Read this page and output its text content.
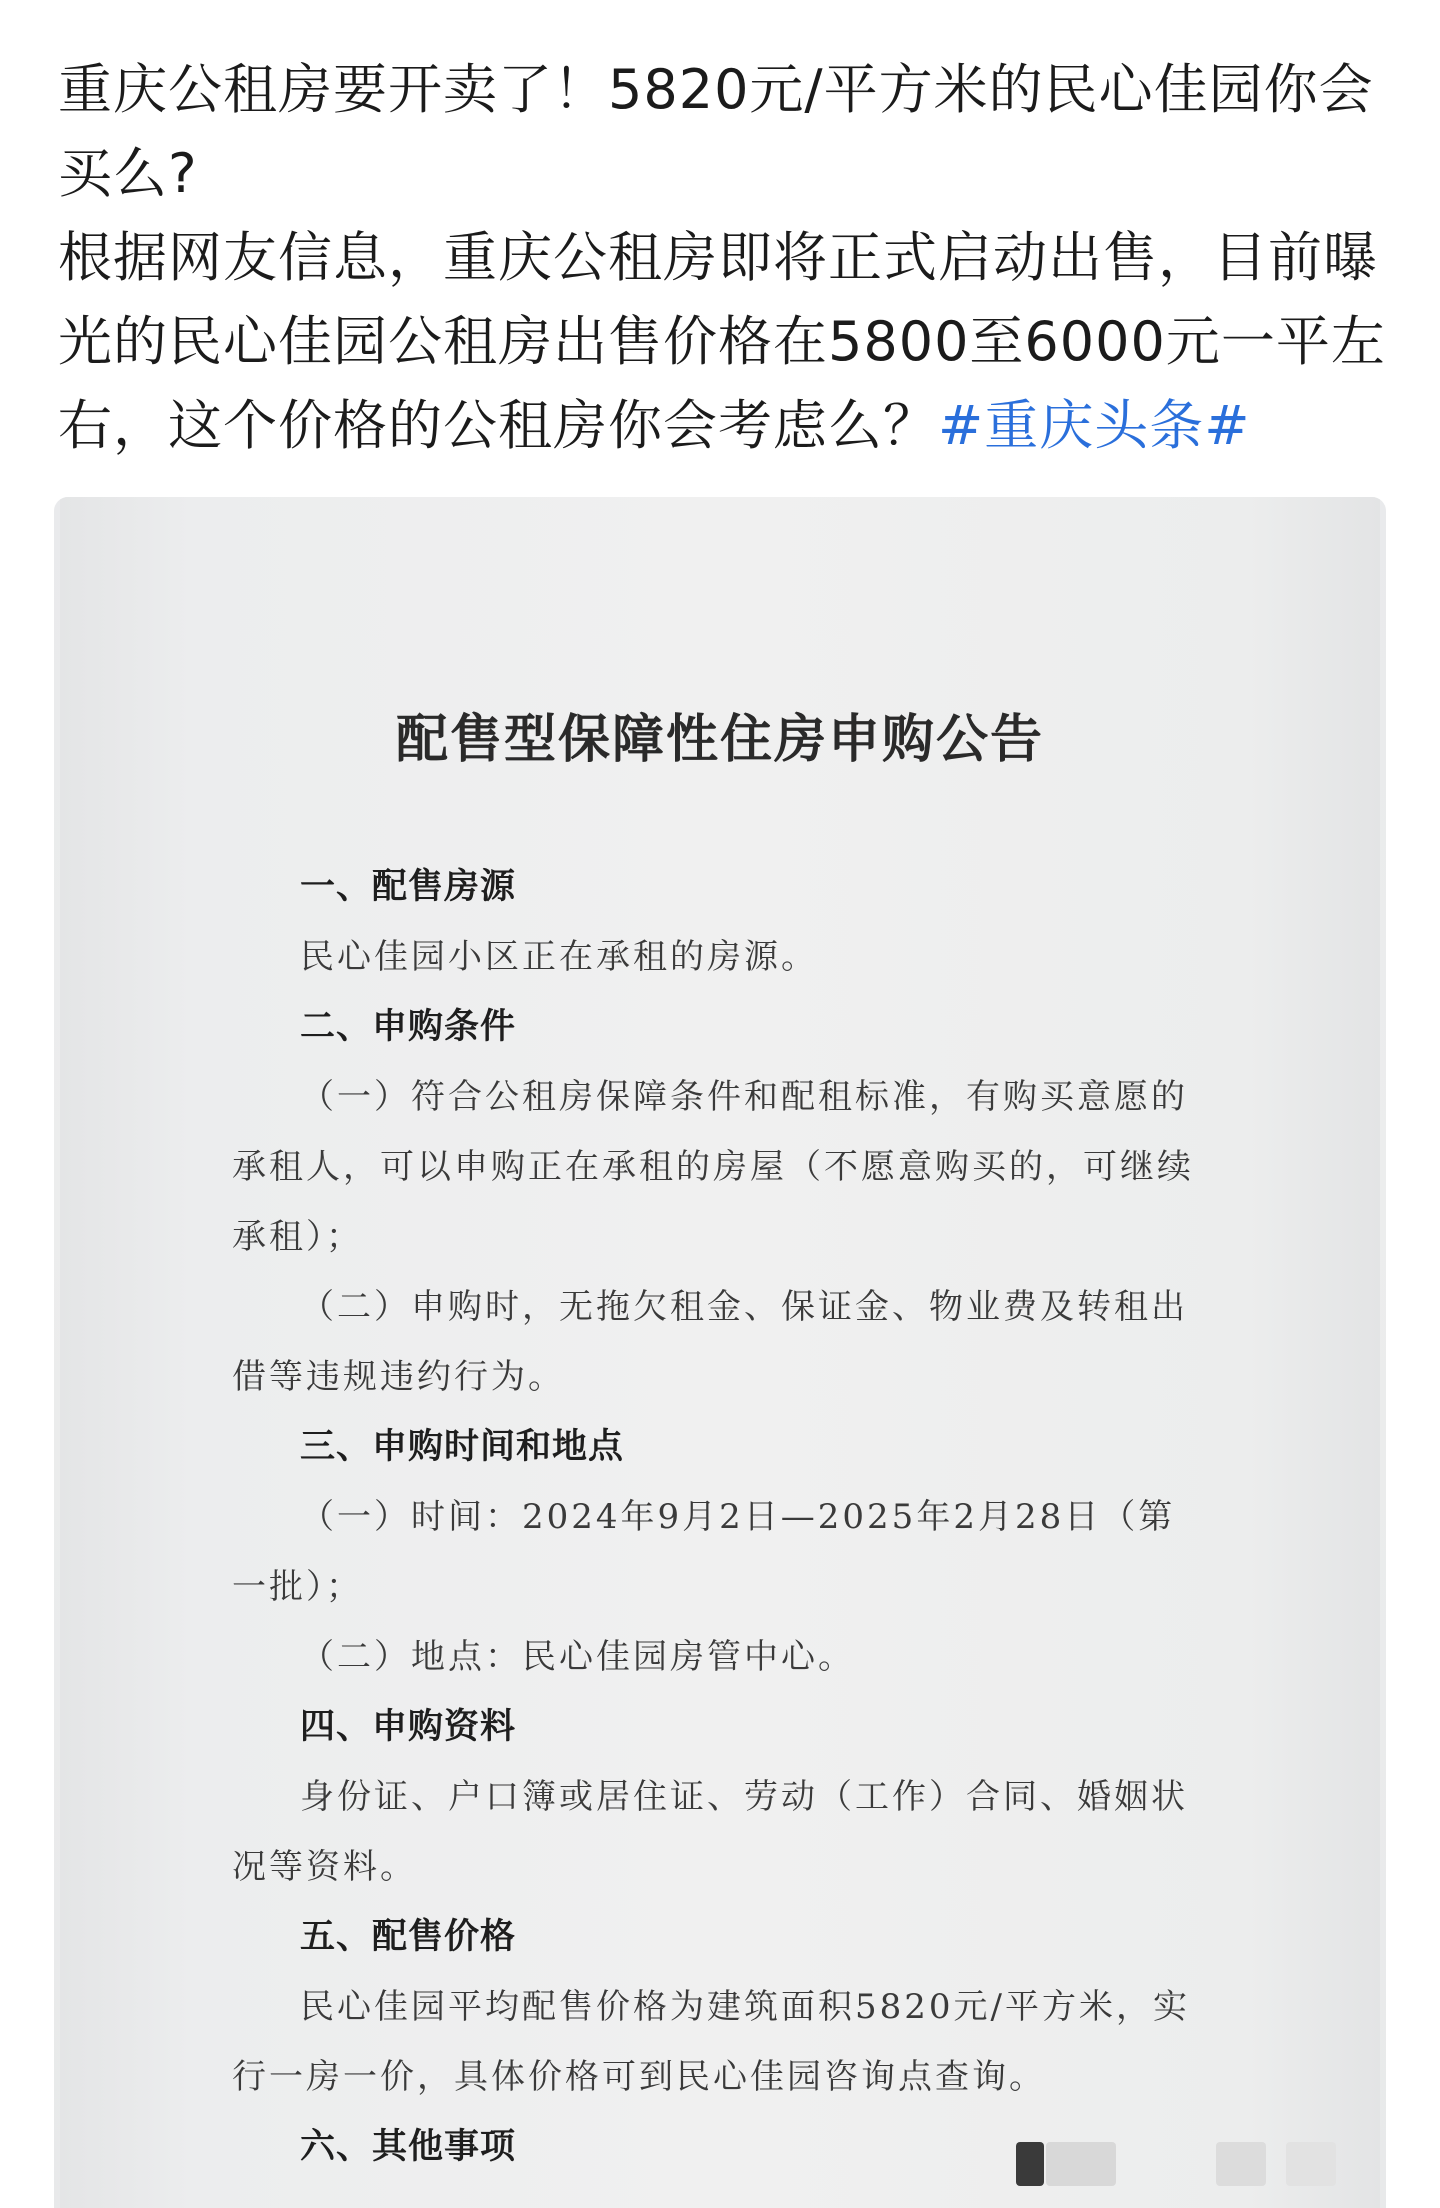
重庆公租房要开卖了！5820元/平方米的民心佳园你会买么?

根据网友信息，重庆公租房即将正式启动出售，目前曝光的民心佳园公租房出售价格在5800至6000元一平左右，这个价格的公租房你会考虑么？#重庆头条#

配售型保障性住房申购公告
一、配售房源
民心佳园小区正在承租的房源。
二、申购条件
（一）符合公租房保障条件和配租标准，有购买意愿的
承租人，可以申购正在承租的房屋（不愿意购买的，可继续
承租）；
（二）申购时，无拖欠租金、保证金、物业费及转租出
借等违规违约行为。
三、申购时间和地点
（一）时间：2024年9月2日—2025年2月28日（第
一批）；
（二）地点：民心佳园房管中心。
四、申购资料
身份证、户口簿或居住证、劳动（工作）合同、婚姻状
况等资料。
五、配售价格
民心佳园平均配售价格为建筑面积5820元/平方米，实
行一房一价，具体价格可到民心佳园咨询点查询。
六、其他事项
